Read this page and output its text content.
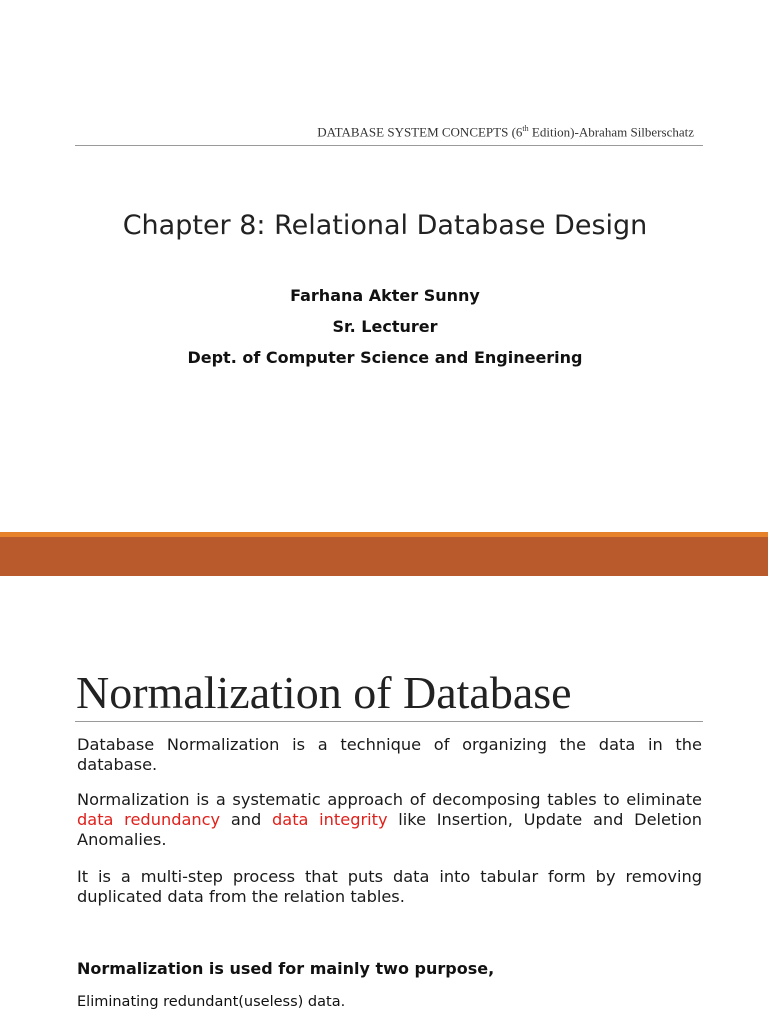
DATABASE SYSTEM CONCEPTS (6th Edition)-Abraham Silberschatz
Chapter 8: Relational Database Design
Farhana Akter Sunny
Sr. Lecturer
Dept. of Computer Science and Engineering
Normalization of Database
Database Normalization is a technique of organizing the data in the database.
Normalization is a systematic approach of decomposing tables to eliminate data redundancy and data integrity like Insertion, Update and Deletion Anomalies.
It is a multi-step process that puts data into tabular form by removing duplicated data from the relation tables.
Normalization is used for mainly two purpose,
Eliminating redundant(useless) data.
